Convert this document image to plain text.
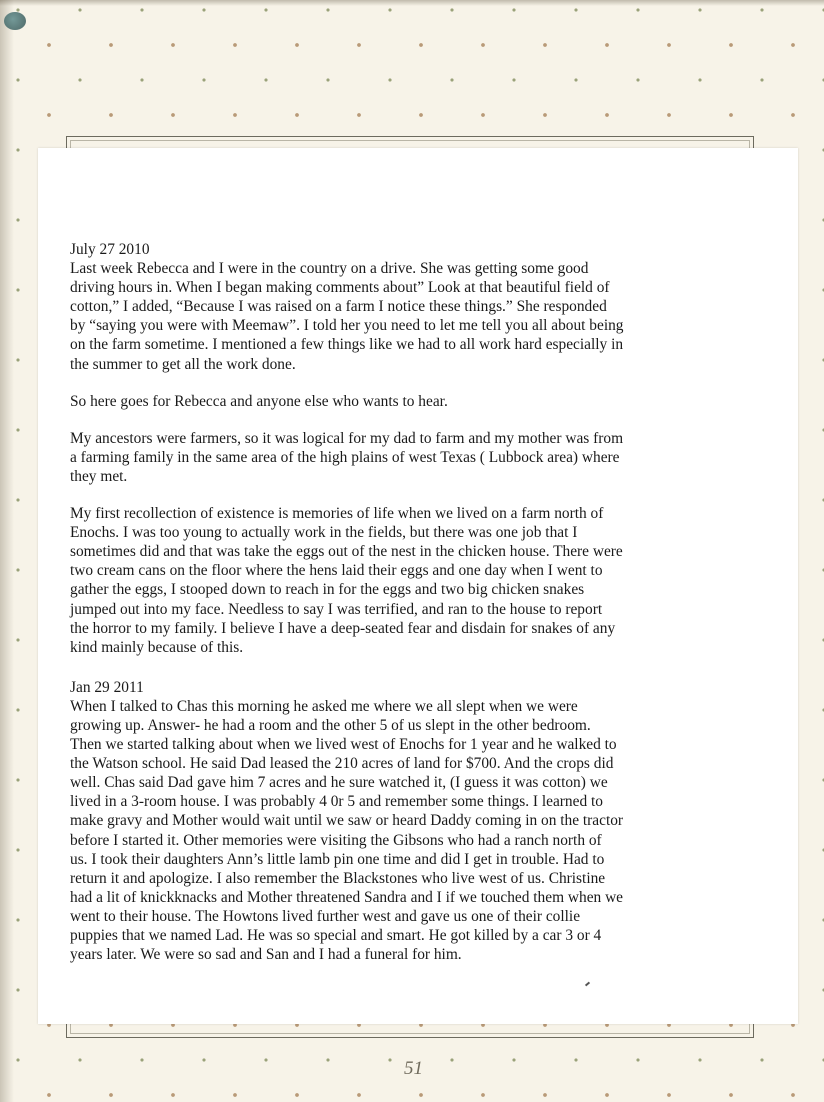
July 27 2010

Last week Rebecca and I were in the country on a drive. She was getting some good
driving hours in. When I began making comments about” Look at that beautiful field of
cotton,” I added, “Because I was raised on a farm I notice these things.” She responded
by “saying you were with Meemaw”. I told her you need to let me tell you all about being
on the farm sometime. I mentioned a few things like we had to all work hard especially in
the summer to get all the work done.

So here goes for Rebecca and anyone else who wants to hear.

My ancestors were farmers, so it was logical for my dad to farm and my mother was from
a farming family in the same area of the high plains of west Texas ( Lubbock area) where
they met.

My first recollection of existence is memories of life when we lived on a farm north of
Enochs. I was too young to actually work in the fields, but there was one job that I
sometimes did and that was take the eggs out of the nest in the chicken house. There were
two cream cans on the floor where the hens laid their eggs and one day when I went to
gather the eggs, I stooped down to reach in for the eggs and two big chicken snakes
jumped out into my face. Needless to say I was terrified, and ran to the house to report
the horror to my family. I believe I have a deep-seated fear and disdain for snakes of any
kind mainly because of this.

Jan 29 2011

When I talked to Chas this morning he asked me where we all slept when we were
growing up. Answer- he had a room and the other 5 of us slept in the other bedroom.
Then we started talking about when we lived west of Enochs for 1 year and he walked to
the Watson school. He said Dad leased the 210 acres of land for $700. And the crops did
well. Chas said Dad gave him 7 acres and he sure watched it, (I guess it was cotton) we
lived in a 3-room house. I was probably 4 0r 5 and remember some things. I learned to
make gravy and Mother would wait until we saw or heard Daddy coming in on the tractor
before I started it. Other memories were visiting the Gibsons who had a ranch north of
us. I took their daughters Ann’s little lamb pin one time and did I get in trouble. Had to
return it and apologize. I also remember the Blackstones who live west of us. Christine
had a lit of knickknacks and Mother threatened Sandra and I if we touched them when we
went to their house. The Howtons lived further west and gave us one of their collie
puppies that we named Lad. He was so special and smart. He got killed by a car 3 or 4
years later. We were so sad and San and I had a funeral for him.

51
